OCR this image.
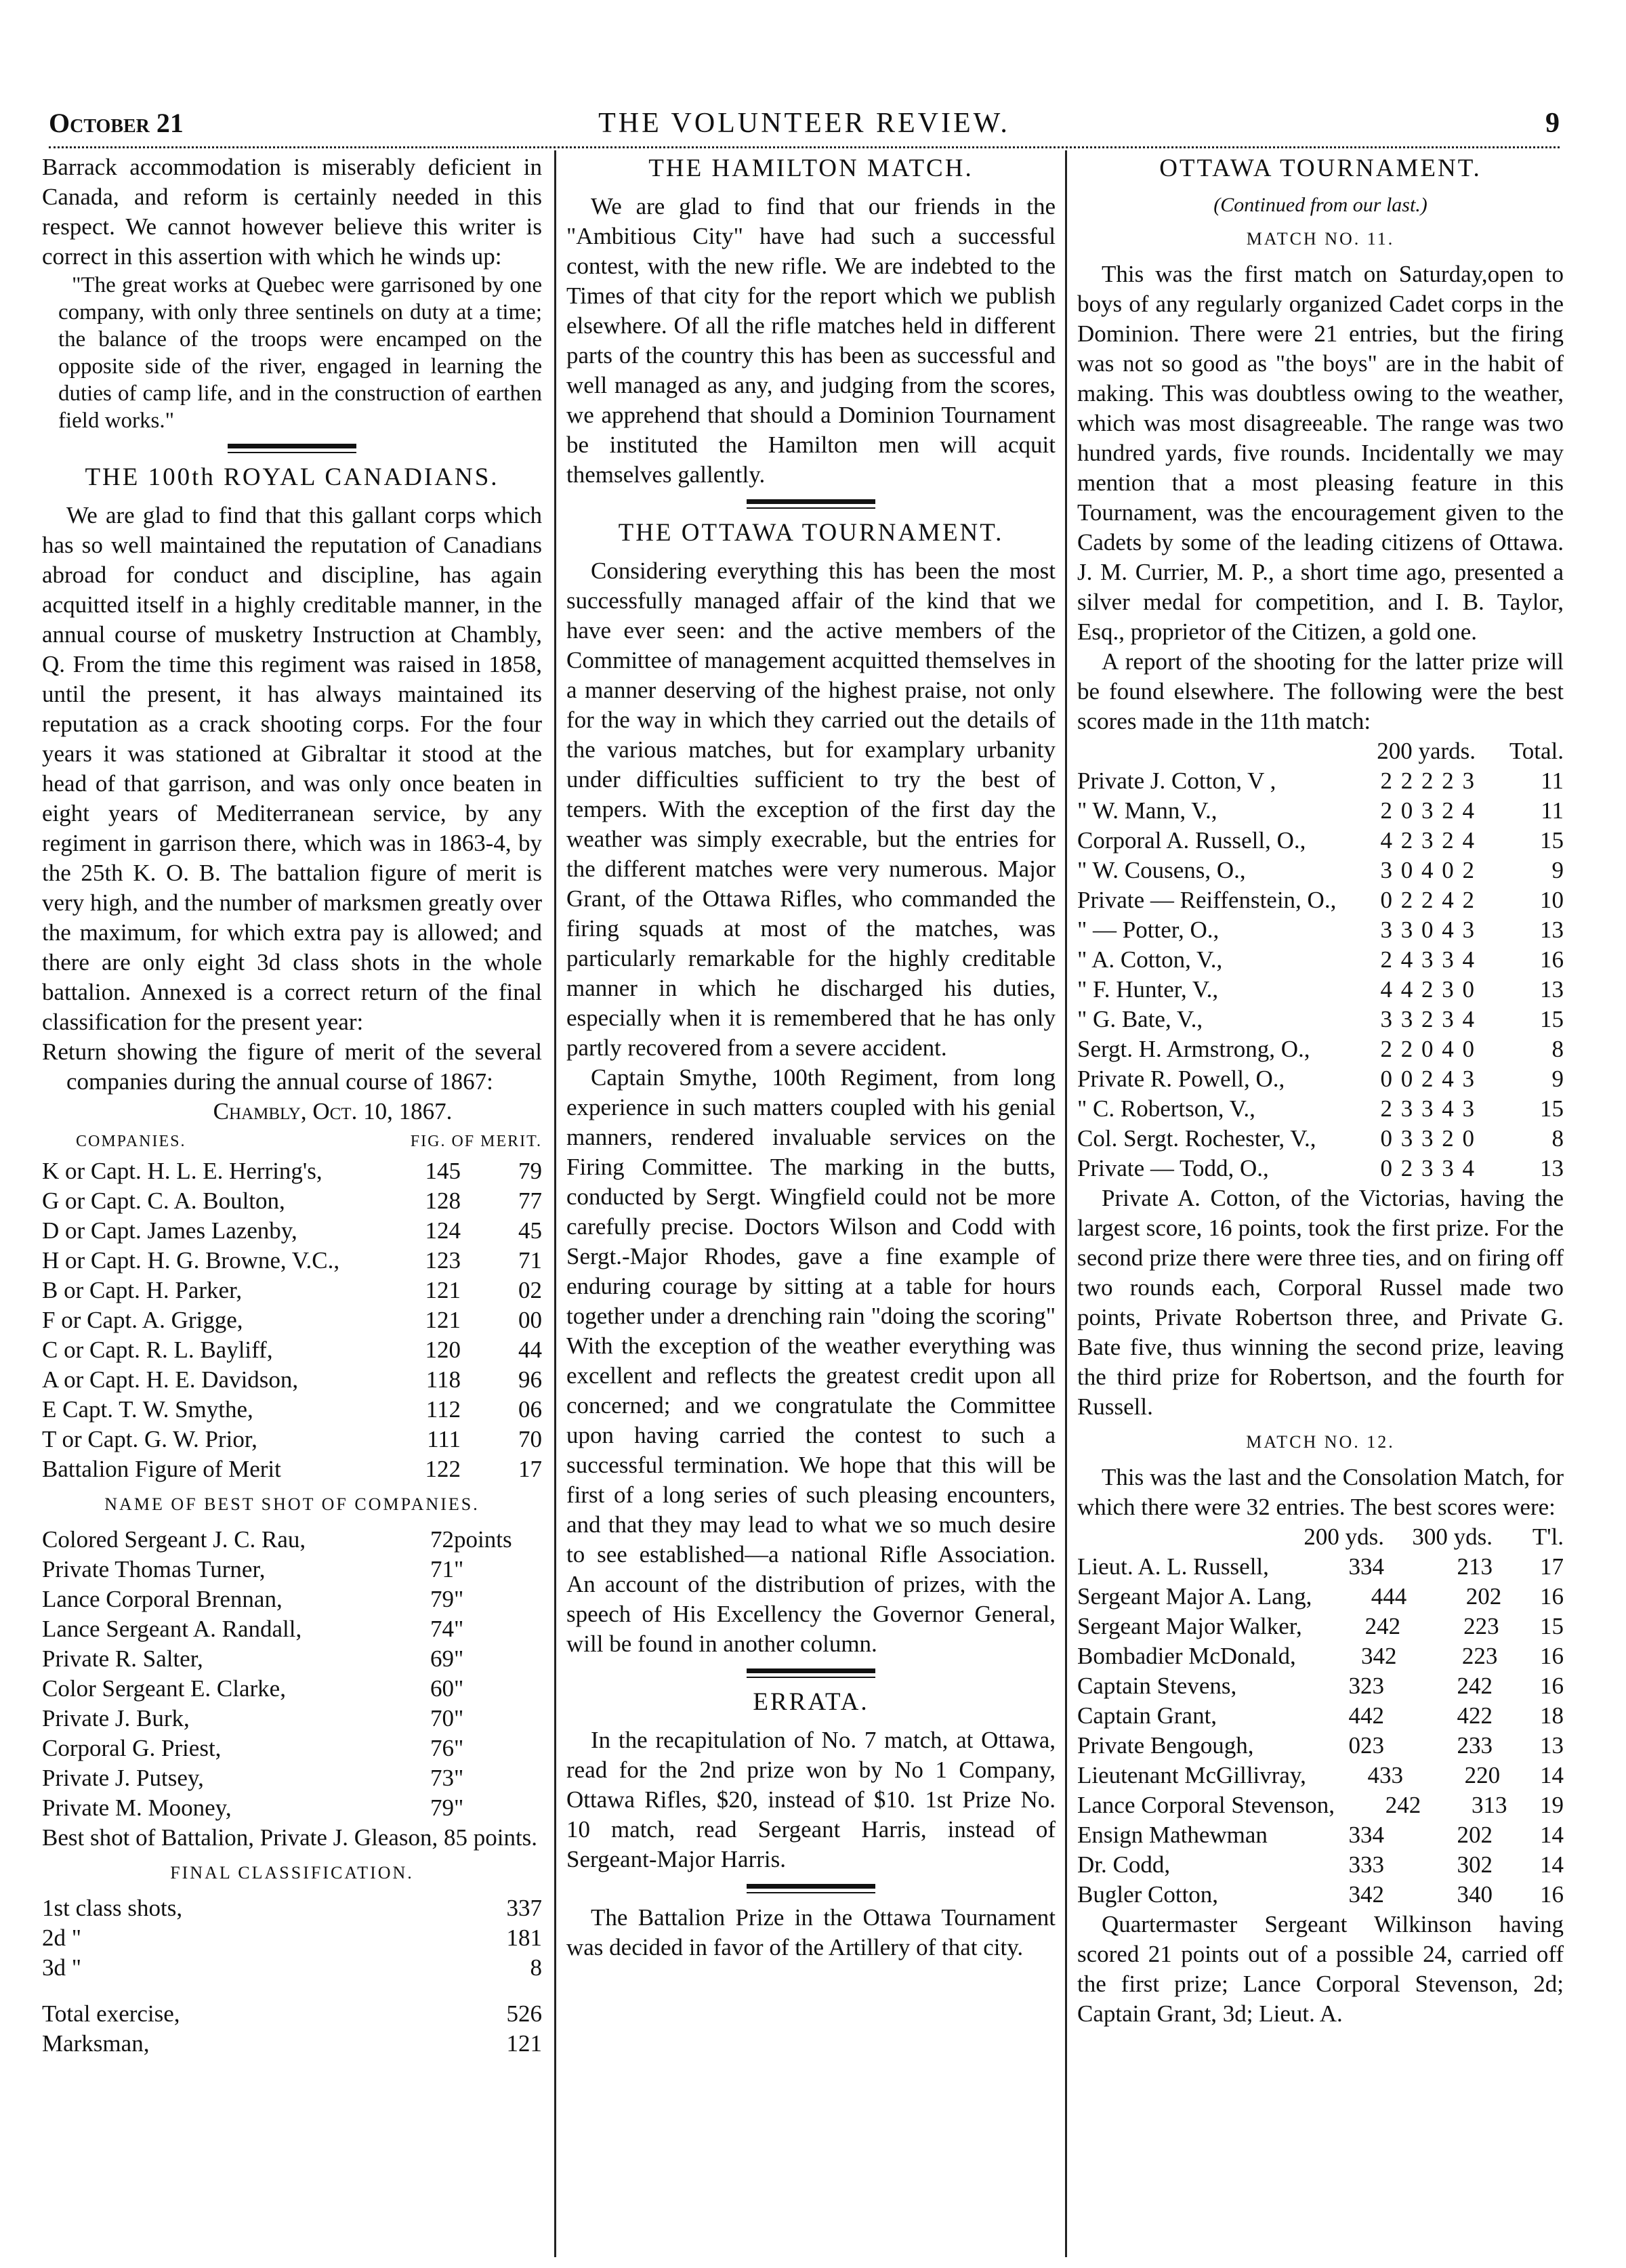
October 21	THE VOLUNTEER REVIEW.	9

Barrack accommodation is miserably deficient in Canada, and reform is certainly needed in this respect. We cannot however believe this writer is correct in this assertion with which he winds up:

"The great works at Quebec were garrisoned by one company, with only three sentinels on duty at a time; the balance of the troops were encamped on the opposite side of the river, engaged in learning the duties of camp life, and in the construction of earthen field works."

THE 100th ROYAL CANADIANS.

We are glad to find that this gallant corps which has so well maintained the reputation of Canadians abroad for conduct and discipline, has again acquitted itself in a highly creditable manner, in the annual course of musketry Instruction at Chambly, Q. From the time this regiment was raised in 1858, until the present, it has always maintained its reputation as a crack shooting corps. For the four years it was stationed at Gibraltar it stood at the head of that garrison, and was only once beaten in eight years of Mediterranean service, by any regiment in garrison there, which was in 1863-4, by the 25th K. O. B. The battalion figure of merit is very high, and the number of marksmen greatly over the maximum, for which extra pay is allowed; and there are only eight 3d class shots in the whole battalion. Annexed is a correct return of the final classification for the present year:

Return showing the figure of merit of the several companies during the annual course of 1867:

Chambly, Oct. 10, 1867.

COMPANIES.	FIG. OF MERIT.
K or Capt. H. L. E. Herring's,	145	79
G or Capt. C. A. Boulton,	128	77
D or Capt. James Lazenby,	124	45
H or Capt. H. G. Browne, V.C.,	123	71
B or Capt. H. Parker,	121	02
F or Capt. A. Grigge,	121	00
C or Capt. R. L. Bayliff,	120	44
A or Capt. H. E. Davidson,	118	96
E Capt. T. W. Smythe,	112	06
T or Capt. G. W. Prior,	111	70
Battalion Figure of Merit	122	17
NAME OF BEST SHOT OF COMPANIES.
Colored Sergeant J. C. Rau,	72 points
Private Thomas Turner,	71 "
Lance Corporal Brennan,	79 "
Lance Sergeant A. Randall,	74 "
Private R. Salter,	69 "
Color Sergeant E. Clarke,	60 "
Private J. Burk,	70 "
Corporal G. Priest,	76 "
Private J. Putsey,	73 "
Private M. Mooney,	79 "

Best shot of Battalion, Private J. Gleason, 85 points.

FINAL CLASSIFICATION.
1st class shots,	337
2d "	181
3d "	8
Total exercise,	526
Marksman,	121
THE HAMILTON MATCH.

We are glad to find that our friends in the "Ambitious City" have had such a successful contest, with the new rifle. We are indebted to the Times of that city for the report which we publish elsewhere. Of all the rifle matches held in different parts of the country this has been as successful and well managed as any, and judging from the scores, we apprehend that should a Dominion Tournament be instituted the Hamilton men will acquit themselves gallently.

THE OTTAWA TOURNAMENT.

Considering everything this has been the most successfully managed affair of the kind that we have ever seen: and the active members of the Committee of management acquitted themselves in a manner deserving of the highest praise, not only for the way in which they carried out the details of the various matches, but for examplary urbanity under difficulties sufficient to try the best of tempers. With the exception of the first day the weather was simply execrable, but the entries for the different matches were very numerous. Major Grant, of the Ottawa Rifles, who commanded the firing squads at most of the matches, was particularly remarkable for the highly creditable manner in which he discharged his duties, especially when it is remembered that he has only partly recovered from a severe accident.

Captain Smythe, 100th Regiment, from long experience in such matters coupled with his genial manners, rendered invaluable services on the Firing Committee. The marking in the butts, conducted by Sergt. Wingfield could not be more carefully precise. Doctors Wilson and Codd with Sergt.-Major Rhodes, gave a fine example of enduring courage by sitting at a table for hours together under a drenching rain "doing the scoring" With the exception of the weather everything was excellent and reflects the greatest credit upon all concerned; and we congratulate the Committee upon having carried the contest to such a successful termination. We hope that this will be first of a long series of such pleasing encounters, and that they may lead to what we so much desire to see established—a national Rifle Association. An account of the distribution of prizes, with the speech of His Excellency the Governor General, will be found in another column.

ERRATA.

In the recapitulation of No. 7 match, at Ottawa, read for the 2nd prize won by No 1 Company, Ottawa Rifles, $20, instead of $10. 1st Prize No. 10 match, read Sergeant Harris, instead of Sergeant-Major Harris.

The Battalion Prize in the Ottawa Tournament was decided in favor of the Artillery of that city.

OTTAWA TOURNAMENT.

(Continued from our last.)

MATCH NO. 11.

This was the first match on Saturday,open to boys of any regularly organized Cadet corps in the Dominion. There were 21 entries, but the firing was not so good as "the boys" are in the habit of making. This was doubtless owing to the weather, which was most disagreeable. The range was two hundred yards, five rounds. Incidentally we may mention that a most pleasing feature in this Tournament, was the encouragement given to the Cadets by some of the leading citizens of Ottawa. J. M. Currier, M. P., a short time ago, presented a silver medal for competition, and I. B. Taylor, Esq., proprietor of the Citizen, a gold one.

A report of the shooting for the latter prize will be found elsewhere. The following were the best scores made in the 11th match:

200 yards.	Total.
Private J. Cotton, V ,	2 2 2 2 3	11
" W. Mann, V.,	2 0 3 2 4	11
Corporal A. Russell, O.,	4 2 3 2 4	15
" W. Cousens, O.,	3 0 4 0 2	9
Private — Reiffenstein, O.,	0 2 2 4 2	10
" — Potter, O.,	3 3 0 4 3	13
" A. Cotton, V.,	2 4 3 3 4	16
" F. Hunter, V.,	4 4 2 3 0	13
" G. Bate, V.,	3 3 2 3 4	15
Sergt. H. Armstrong, O.,	2 2 0 4 0	8
Private R. Powell, O.,	0 0 2 4 3	9
" C. Robertson, V.,	2 3 3 4 3	15
Col. Sergt. Rochester, V.,	0 3 3 2 0	8
Private — Todd, O.,	0 2 3 3 4	13

Private A. Cotton, of the Victorias, having the largest score, 16 points, took the first prize. For the second prize there were three ties, and on firing off two rounds each, Corporal Russel made two points, Private Robertson three, and Private G. Bate five, thus winning the second prize, leaving the third prize for Robertson, and the fourth for Russell.

MATCH NO. 12.

This was the last and the Consolation Match, for which there were 32 entries. The best scores were:

200 yds.	300 yds.	T'l.
Lieut. A. L. Russell,	334	213	17
Sergeant Major A. Lang,	444	202	16
Sergeant Major Walker,	242	223	15
Bombadier McDonald,	342	223	16
Captain Stevens,	323	242	16
Captain Grant,	442	422	18
Private Bengough,	023	233	13
Lieutenant McGillivray,	433	220	14
Lance Corporal Stevenson,	242	313	19
Ensign Mathewman	334	202	14
Dr. Codd,	333	302	14
Bugler Cotton,	342	340	16

Quartermaster Sergeant Wilkinson having scored 21 points out of a possible 24, carried off the first prize; Lance Corporal Stevenson, 2d; Captain Grant, 3d; Lieut. A.
